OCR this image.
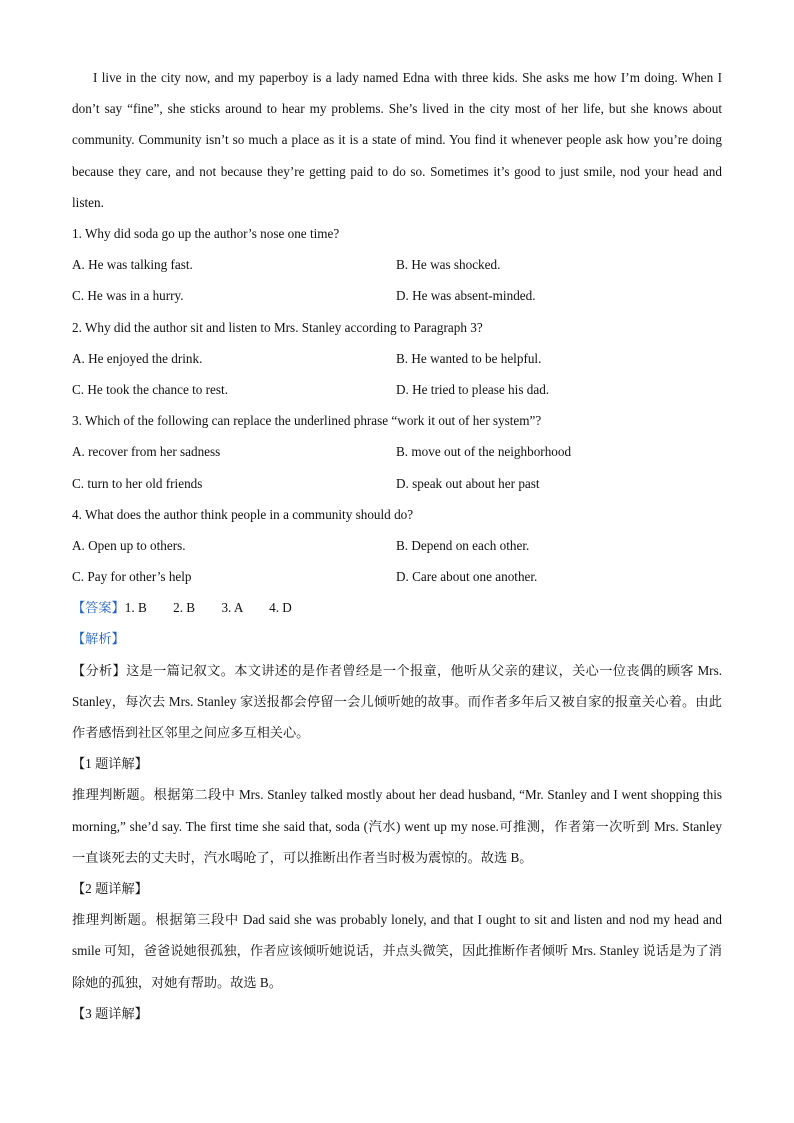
I live in the city now, and my paperboy is a lady named Edna with three kids. She asks me how I’m doing. When I don’t say “fine”, she sticks around to hear my problems. She’s lived in the city most of her life, but she knows about community. Community isn’t so much a place as it is a state of mind. You find it whenever people ask how you’re doing because they care, and not because they’re getting paid to do so. Sometimes it’s good to just smile, nod your head and listen.

1. Why did soda go up the author’s nose one time?
A. He was talking fast.	B. He was shocked.
C. He was in a hurry.	D. He was absent-minded.
2. Why did the author sit and listen to Mrs. Stanley according to Paragraph 3?
A. He enjoyed the drink.	B. He wanted to be helpful.
C. He took the chance to rest.	D. He tried to please his dad.
3. Which of the following can replace the underlined phrase “work it out of her system”?
A. recover from her sadness	B. move out of the neighborhood
C. turn to her old friends	D. speak out about her past
4. What does the author think people in a community should do?
A. Open up to others.	B. Depend on each other.
C. Pay for other’s help	D. Care about one another.
【答案】1. B        2. B        3. A        4. D
【解析】

【分析】这是一篇记叙文。本文讲述的是作者曾经是一个报童，他听从父亲的建议，关心一位丧偶的顾客 Mrs. Stanley，每次去 Mrs. Stanley 家送报都会停留一会儿倾听她的故事。而作者多年后又被自家的报童关心着。由此作者感悟到社区邻里之间应多互相关心。

【1 题详解】

推理判断题。根据第二段中 Mrs. Stanley talked mostly about her dead husband, “Mr. Stanley and I went shopping this morning,” she’d say. The first time she said that, soda (汽水) went up my nose.可推测，作者第一次听到 Mrs. Stanley 一直谈死去的丈夫时，汽水喝呛了，可以推断出作者当时极为震惊的。故选 B。

【2 题详解】

推理判断题。根据第三段中 Dad said she was probably lonely, and that I ought to sit and listen and nod my head and smile 可知，爸爸说她很孤独，作者应该倾听她说话，并点头微笑，因此推断作者倾听 Mrs. Stanley 说话是为了消除她的孤独，对她有帮助。故选 B。

【3 题详解】
